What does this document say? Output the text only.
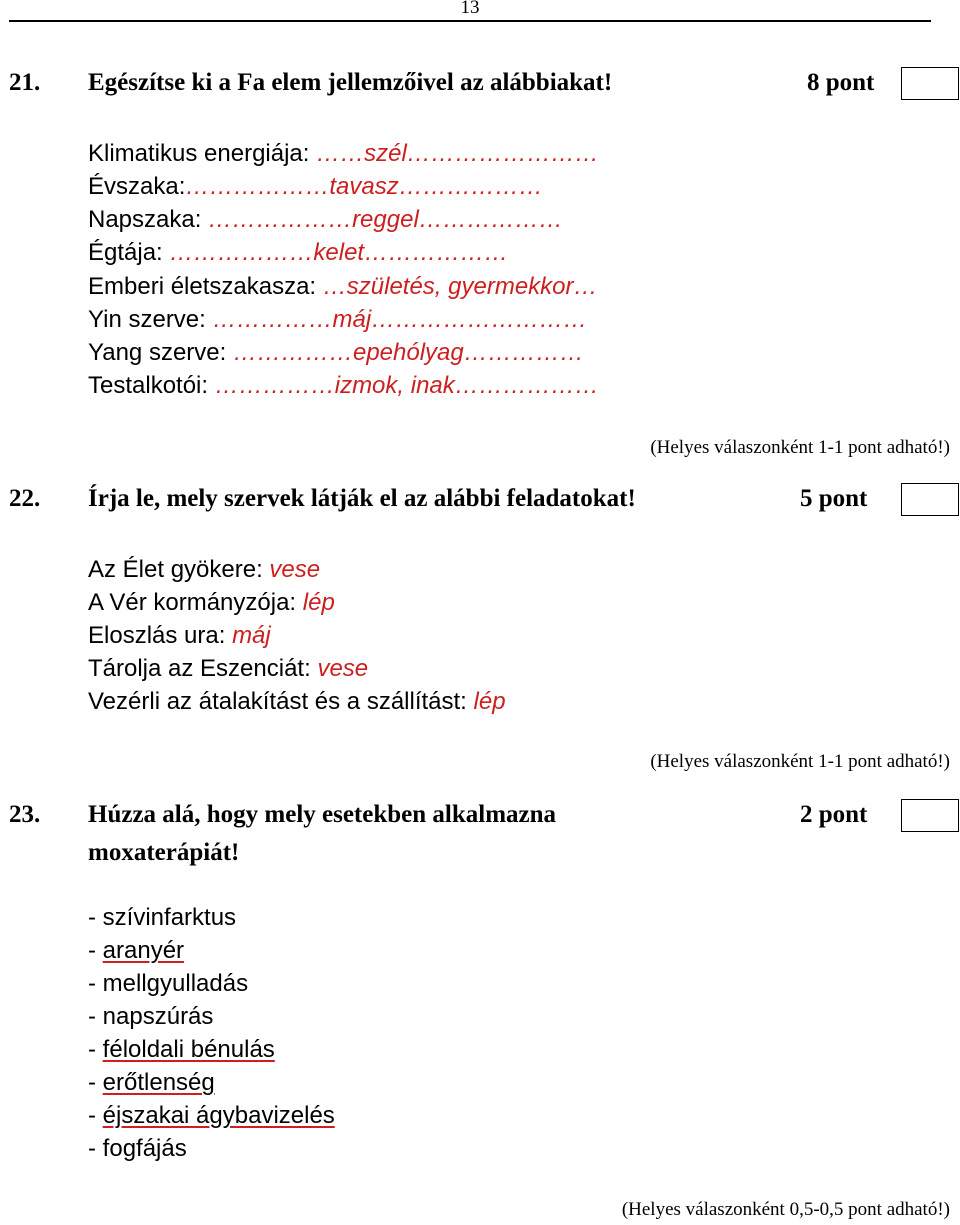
13
21. Egészítse ki a Fa elem jellemzőivel az alábbiakat!	8 pont
Klimatikus energiája: ……szél……………………
Évszaka:………………tavasz………………
Napszaka: ………………reggel………………
Égtája: ………………kelet………………
Emberi életszakasza: …születés, gyermekkor…
Yin szerve: ……………máj………………………
Yang szerve: ……………epehólyag……………
Testalkotói: ……………izmok, inak………………
(Helyes válaszonként 1-1 pont adható!)
22. Írja le, mely szervek látják el az alábbi feladatokat!	5 pont
Az Élet gyökere: vese
A Vér kormányzója: lép
Eloszlás ura: máj
Tárolja az Eszenciát: vese
Vezérli az átalakítást és a szállítást: lép
(Helyes válaszonként 1-1 pont adható!)
23. Húzza alá, hogy mely esetekben alkalmazna
moxaterápiát!
2 pont
- szívinfarktus
- aranyér
- mellgyulladás
- napszúrás
- féloldali bénulás
- erőtlenség
- éjszakai ágybavizelés
- fogfájás
(Helyes válaszonként 0,5-0,5 pont adható!)
